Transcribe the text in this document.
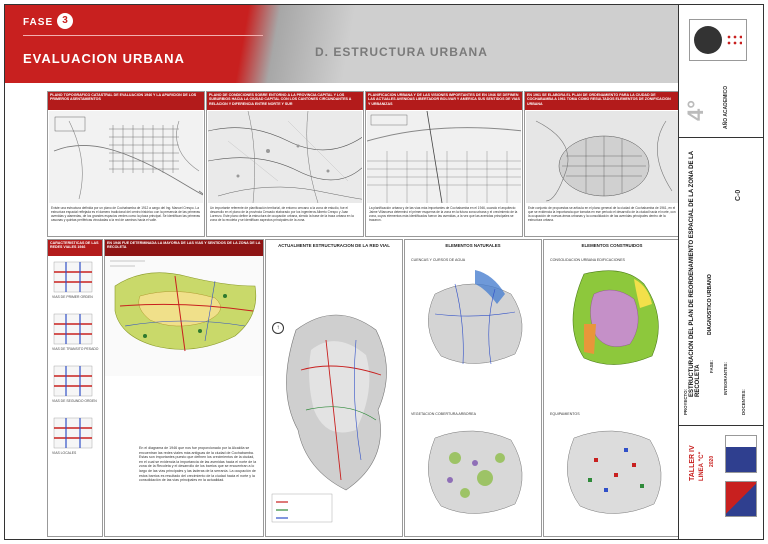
FASE 3
EVALUACION URBANA	D. ESTRUCTURA URBANA
PLANO TOPOGRAFICO CATASTRAL DE EVALUACION 1946 Y LA APARICION DE LOS PRIMEROS ASENTAMIENTOS
Existe una estructura definida por un plano de Cochabamba de 1912 a cargo del Ing. Manuel Crespo. La estructura espacial reflejada es el damero tradicional del centro histórico con la presencia de las primeras avenidas y alamedas, de los grandes espacios verdes como la plaza principal. Se identifican las primeras casonas y quintas periféricas vinculadas a la red de caminos hacia el valle.
PLANO DE CONDICIONES SOBRE ENTORNO A LA PROVINCIA CAPITAL Y LOS SUBURBIOS HACIA LA CIUDAD CAPITAL CON LOS CANTONES CIRCUNDANTES A RELACION Y DIFERENCIA ENTRE NORTE Y SUR
Un importante referente de planificación territorial, de entorno cercano a la zona de estudio, fue el desarrollo en el plano de la provincia Cercado elaborado por los ingenieros Alberto Crespo y Juan Lorenzo. Este plano define la estructura de ocupación urbana, siendo la base de la traza urbana en la zona de la recoleta y se identifican aspectos principales de la zona.
PLANIFICACION URBANA Y DE LAS VISIONES IMPORTANTES DE EN 1946 SE DEFINEN LAS ACTUALES AVENIDAS LIBERTADOR BOLIVAR Y AMERICA SUS SENTIDOS DE VIAS Y URBANIZAS
La planificación urbana y de las vías más importantes de Cochabamba en el 1946, cuando el arquitecto Jaime Villanueva determinó el primer esquema de la zona en la futura zona urbana y el crecimiento de la zona, cuyos elementos más identificados fueron las avenidas, a la vez que las avenidas principales se trazaron.
EN 1961 SE ELABORA EL PLAN DE ORDENAMIENTO PARA LA CIUDAD DE COCHABAMBA A 1961 TOMA COMO RESULTADOS ELEMENTOS DE ZONIFICACION URBANA
Este conjunto de propuestas se articula en el plano general de la ciudad de Cochabamba de 1961, en el que se evidencia la importancia que tomaba en ese periodo el desarrollo de la ciudad hacia el norte, con la ocupación de nuevas áreas urbanas y la consolidación de las avenidas principales dentro de la estructura urbana.
CARACTERISTICAS DE LAS REDES VIALES 1946
VIAS DE PRIMER ORDEN
VIAS DE TRANSITO PESADO
VIAS DE SEGUNDO ORDEN
VIAS LOCALES
EN 1946 FUE DETERMINADA LA MAYORIA DE LAS VIAS Y SENTIDOS DE LA ZONA DE LA RECOLETA
En el diagrama de 1946 que nos fue proporcionado por la Alcaldía se encuentran las redes viales más antiguas de la ciudad de Cochabamba. Estas son importantes puesto que definen los crecimientos de la ciudad, en el cual se evidencia la importancia de las avenidas hacia el norte de la zona de la Recoleta y el desarrollo de los barrios que se encuentran a lo largo de las vías principales y las laderas de la serranía. La ocupación de estos barrios es resultado del crecimiento de la ciudad hacia el norte y la consolidación de las vías principales en la actualidad.
ACTUALMENTE ESTRUCTURACION DE LA RED VIAL
↑
ELEMENTOS NATURALES
CUENCAS Y CURSOS DE AGUA
VEGETACION COBERTURA ARBOREA
ELEMENTOS CONSTRUIDOS
CONSOLIDACION URBANA EDIFICACIONES
EQUIPAMIENTOS
4°	AÑO ACADEMICO
ESTRUCTURACION DEL PLAN DE REORDENAMIENTO ESPACIAL DE LA ZONA DE LA RECOLETA
DIAGNOSTICO URBANO
PROYECTO:
FASE: INTEGRANTES:
DOCENTES:
C-0
TALLER IV LINEA "C" 2020
